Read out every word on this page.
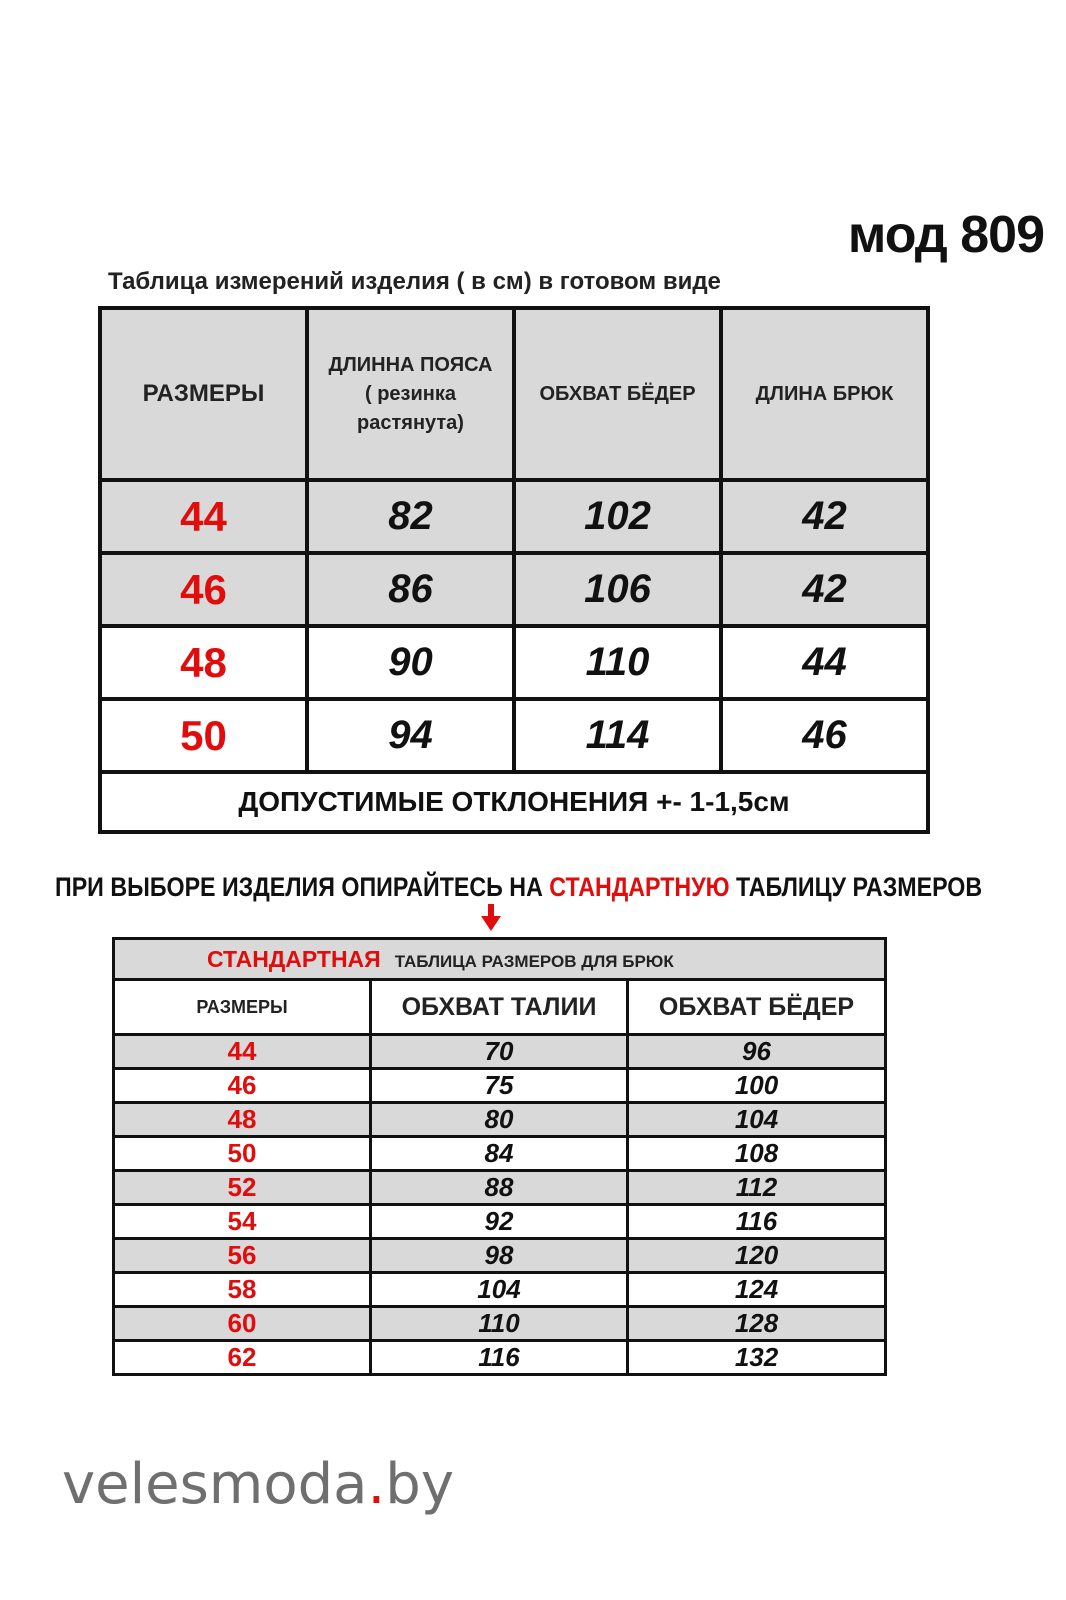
мод 809
Таблица измерений изделия ( в см) в готовом виде
РАЗМЕРЫ	ДЛИННА ПОЯСА ( резинка растянута)	ОБХВАТ БЁДЕР	ДЛИНА БРЮК
44	82	102	42
46	86	106	42
48	90	110	44
50	94	114	46
ДОПУСТИМЫЕ ОТКЛОНЕНИЯ +- 1-1,5см			
ПРИ ВЫБОРЕ ИЗДЕЛИЯ ОПИРАЙТЕСЬ НА СТАНДАРТНУЮ ТАБЛИЦУ РАЗМЕРОВ
СТАНДАРТНАЯ ТАБЛИЦА РАЗМЕРОВ ДЛЯ БРЮК		
РАЗМЕРЫ	ОБХВАТ ТАЛИИ	ОБХВАТ БЁДЕР
44	70	96
46	75	100
48	80	104
50	84	108
52	88	112
54	92	116
56	98	120
58	104	124
60	110	128
62	116	132
velesmoda.by
